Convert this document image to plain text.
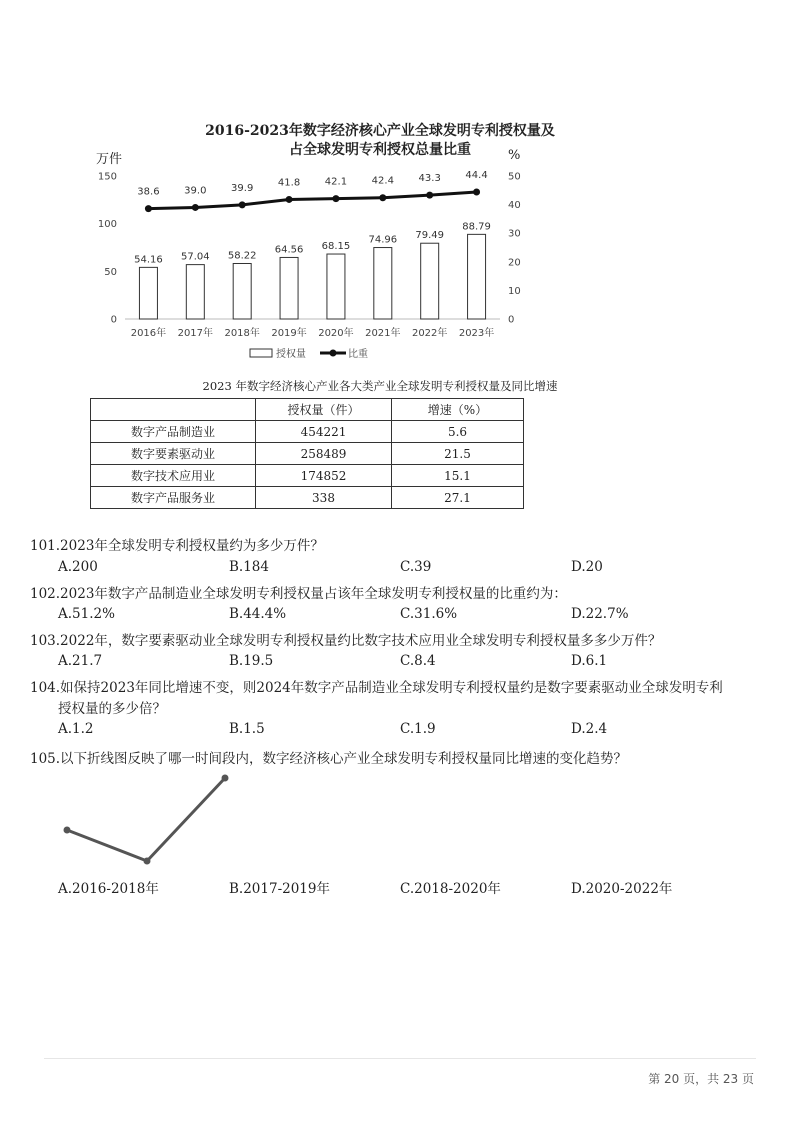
2016-2023年数字经济核心产业全球发明专利授权量及
占全球发明专利授权总量比重
万件	%
0
50
100
150
0
10
20
30
40
50
54.16
2016年
57.04
2017年
58.22
2018年
64.56
2019年
68.15
2020年
74.96
2021年
79.49
2022年
88.79
2023年
38.6 39.0 39.9 41.8 42.1 42.4 43.3 44.4
授权量	比重
2023 年数字经济核心产业各大类产业全球发明专利授权量及同比增速
	授权量（件）	增速（%）
数字产品制造业	454221	5.6
数字要素驱动业	258489	21.5
数字技术应用业	174852	15.1
数字产品服务业	338	27.1
101.2023年全球发明专利授权量约为多少万件？
A.200	B.184	C.39	D.20
102.2023年数字产品制造业全球发明专利授权量占该年全球发明专利授权量的比重约为：
A.51.2%	B.44.4%	C.31.6%	D.22.7%
103.2022年，数字要素驱动业全球发明专利授权量约比数字技术应用业全球发明专利授权量多多少万件？
A.21.7	B.19.5	C.8.4	D.6.1
104.如保持2023年同比增速不变，则2024年数字产品制造业全球发明专利授权量约是数字要素驱动业全球发明专利
授权量的多少倍？
A.1.2	B.1.5	C.1.9	D.2.4
105.以下折线图反映了哪一时间段内，数字经济核心产业全球发明专利授权量同比增速的变化趋势？
A.2016-2018年	B.2017-2019年	C.2018-2020年	D.2020-2022年
第 20 页，共 23 页
